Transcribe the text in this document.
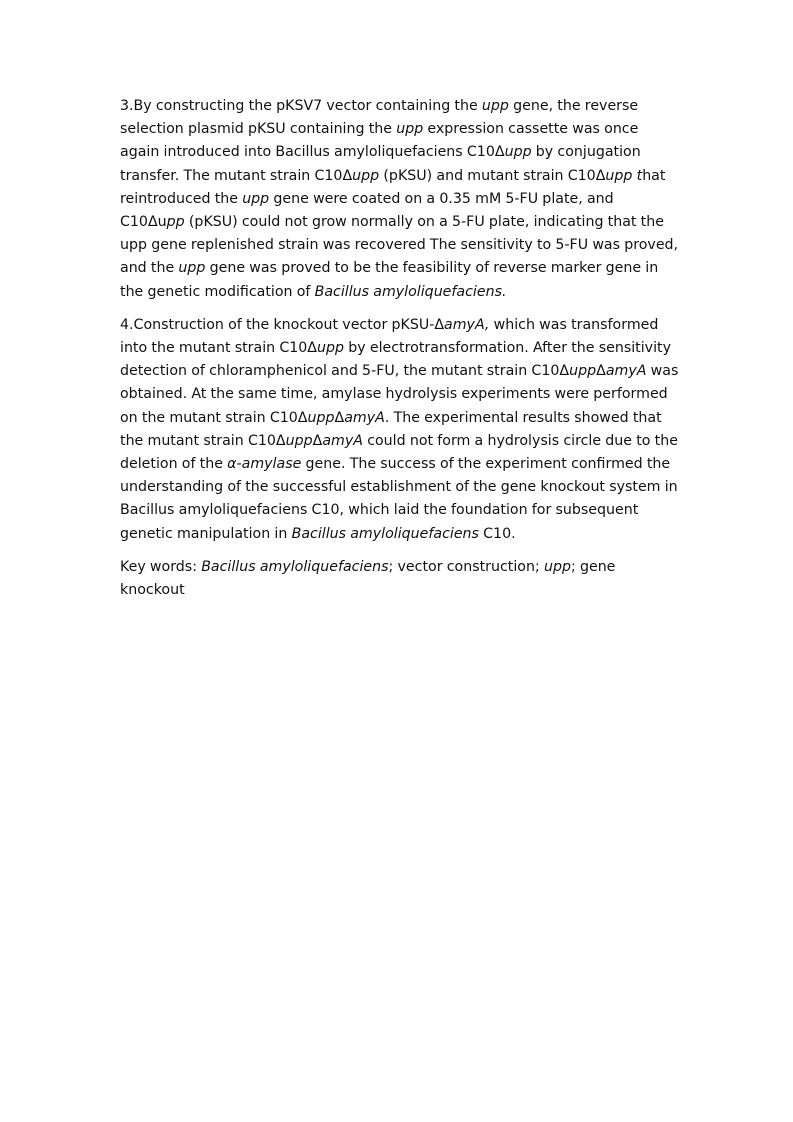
3.By constructing the pKSV7 vector containing the upp gene, the reverse selection plasmid pKSU containing the upp expression cassette was once again introduced into Bacillus amyloliquefaciens C10Δupp by conjugation transfer. The mutant strain C10Δupp (pKSU) and mutant strain C10Δupp that reintroduced the upp gene were coated on a 0.35 mM 5-FU plate, and C10Δupp (pKSU) could not grow normally on a 5-FU plate, indicating that the upp gene replenished strain was recovered The sensitivity to 5-FU was proved, and the upp gene was proved to be the feasibility of reverse marker gene in the genetic modification of Bacillus amyloliquefaciens.

4.Construction of the knockout vector pKSU-ΔamyA, which was transformed into the mutant strain C10Δupp by electrotransformation. After the sensitivity detection of chloramphenicol and 5-FU, the mutant strain C10ΔuppΔamyA was obtained. At the same time, amylase hydrolysis experiments were performed on the mutant strain C10ΔuppΔamyA. The experimental results showed that the mutant strain C10ΔuppΔamyA could not form a hydrolysis circle due to the deletion of the α-amylase gene. The success of the experiment confirmed the understanding of the successful establishment of the gene knockout system in Bacillus amyloliquefaciens C10, which laid the foundation for subsequent genetic manipulation in Bacillus amyloliquefaciens C10.

Key words: Bacillus amyloliquefaciens; vector construction; upp; gene knockout
